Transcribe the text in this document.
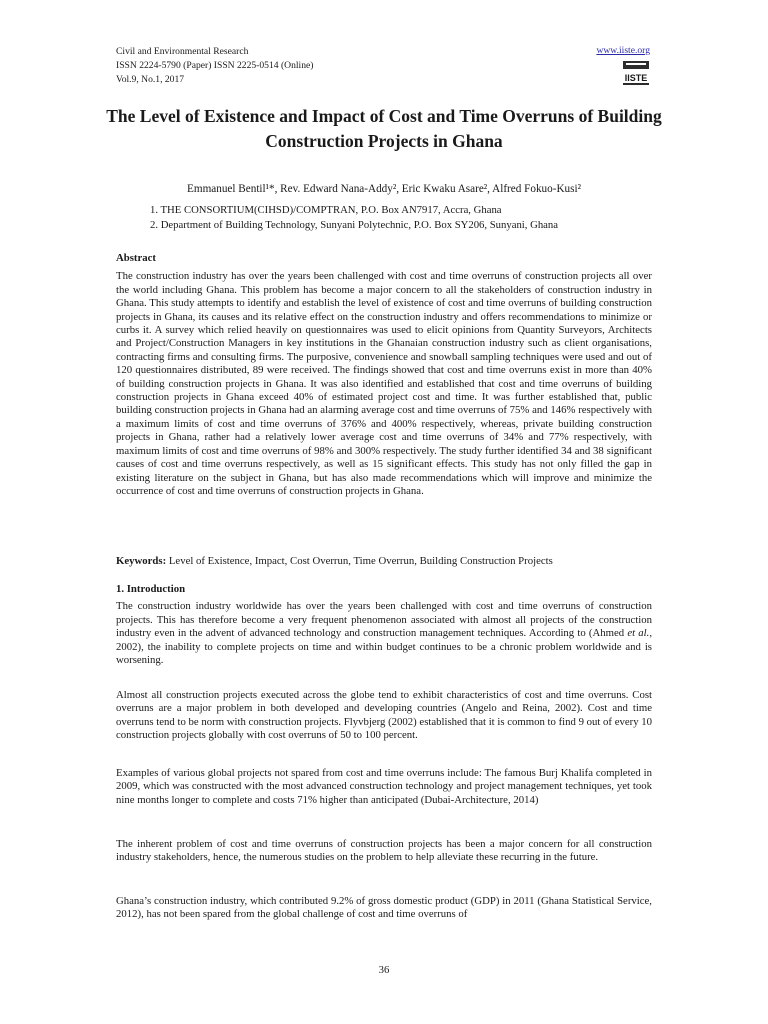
Civil and Environmental Research
ISSN 2224-5790 (Paper) ISSN 2225-0514 (Online)
Vol.9, No.1, 2017
www.iiste.org
IISTE
The Level of Existence and Impact of Cost and Time Overruns of Building Construction Projects in Ghana
Emmanuel Bentil¹*, Rev. Edward Nana-Addy², Eric Kwaku Asare², Alfred Fokuo-Kusi²
1. THE CONSORTIUM(CIHSD)/COMPTRAN, P.O. Box AN7917, Accra, Ghana
2. Department of Building Technology, Sunyani Polytechnic, P.O. Box SY206, Sunyani, Ghana
Abstract
The construction industry has over the years been challenged with cost and time overruns of construction projects all over the world including Ghana. This problem has become a major concern to all the stakeholders of construction industry in Ghana. This study attempts to identify and establish the level of existence of cost and time overruns of building construction projects in Ghana, its causes and its relative effect on the construction industry and offers recommendations to minimize or curbs it. A survey which relied heavily on questionnaires was used to elicit opinions from Quantity Surveyors, Architects and Project/Construction Managers in key institutions in the Ghanaian construction industry such as client organisations, contracting firms and consulting firms. The purposive, convenience and snowball sampling techniques were used and out of 120 questionnaires distributed, 89 were received. The findings showed that cost and time overruns exist in more than 40% of building construction projects in Ghana. It was also identified and established that cost and time overruns of building construction projects in Ghana exceed 40% of estimated project cost and time. It was further established that, public building construction projects in Ghana had an alarming average cost and time overruns of 75% and 146% respectively with a maximum limits of cost and time overruns of 376% and 400% respectively, whereas, private building construction projects in Ghana, rather had a relatively lower average cost and time overruns of 34% and 77% respectively, with maximum limits of cost and time overruns of 98% and 300% respectively. The study further identified 34 and 38 significant causes of cost and time overruns respectively, as well as 15 significant effects. This study has not only filled the gap in existing literature on the subject in Ghana, but has also made recommendations which will improve and minimize the occurrence of cost and time overruns of construction projects in Ghana.
Keywords: Level of Existence, Impact, Cost Overrun, Time Overrun, Building Construction Projects
1. Introduction
The construction industry worldwide has over the years been challenged with cost and time overruns of construction projects. This has therefore become a very frequent phenomenon associated with almost all projects of the construction industry even in the advent of advanced technology and construction management techniques. According to (Ahmed et al., 2002), the inability to complete projects on time and within budget continues to be a chronic problem worldwide and is worsening.
Almost all construction projects executed across the globe tend to exhibit characteristics of cost and time overruns. Cost overruns are a major problem in both developed and developing countries (Angelo and Reina, 2002). Cost and time overruns tend to be norm with construction projects. Flyvbjerg (2002) established that it is common to find 9 out of every 10 construction projects globally with cost overruns of 50 to 100 percent.
Examples of various global projects not spared from cost and time overruns include: The famous Burj Khalifa completed in 2009, which was constructed with the most advanced construction technology and project management techniques, yet took nine months longer to complete and costs 71% higher than anticipated (Dubai-Architecture, 2014)
The inherent problem of cost and time overruns of construction projects has been a major concern for all construction industry stakeholders, hence, the numerous studies on the problem to help alleviate these recurring in the future.
Ghana’s construction industry, which contributed 9.2% of gross domestic product (GDP) in 2011 (Ghana Statistical Service, 2012), has not been spared from the global challenge of cost and time overruns of
36
